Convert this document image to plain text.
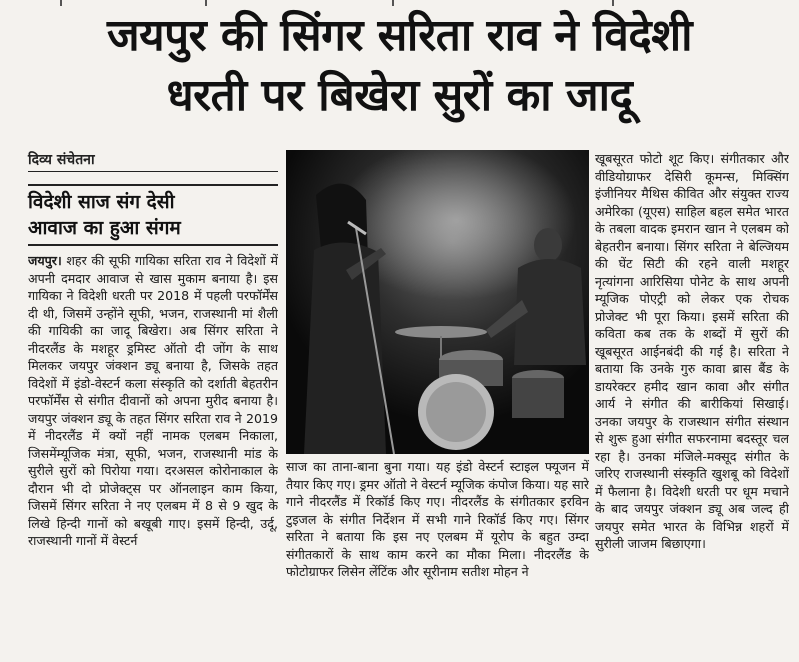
जयपुर की सिंगर सरिता राव ने विदेशी
धरती पर बिखेरा सुरों का जादू
दिव्य संचेतना
विदेशी साज संग देसी
आवाज का हुआ संगम

जयपुर। शहर की सूफी गायिका सरिता राव ने विदेशों में अपनी दमदार आवाज से खास मुकाम बनाया है। इस गायिका ने विदेशी धरती पर 2018 में पहली परफॉर्मेंस दी थी, जिसमें उन्होंने सूफी, भजन, राजस्थानी मांं शैली की गायिकी का जादू बिखेरा। अब सिंगर सरिता ने नीदरलैंड के मशहूर ड्रमिस्ट ऑतो दी जोंग के साथ मिलकर जयपुर जंक्शन ड्यू बनाया है, जिसके तहत विदेशों में इंडो-वेस्टर्न कला संस्कृति को दर्शाती बेहतरीन परफॉर्मेंस से संगीत दीवानों को अपना मुरीद बनाया है। जयपुर जंक्शन ड्यू के तहत सिंगर सरिता राव ने 2019 में नीदरलैंड में क्यों नहीं नामक एलबम निकाला, जिसमेंम्यूजिक मंत्रा, सूफी, भजन, राजस्थानी मांड के सुरीले सुरों को पिरोया गया। दरअसल कोरोनाकाल के दौरान भी दो प्रोजेक्ट्स पर ऑनलाइन काम किया, जिसमें सिंगर सरिता ने नए एलबम में 8 से 9 खुद के लिखे हिन्दी गानों को बखूबी गाए। इसमें हिन्दी, उर्दू, राजस्थानी गानों में वेस्टर्न

साज का ताना-बाना बुना गया। यह इंडो वेस्टर्न स्टाइल फ्यूजन में तैयार किए गए। ड्रमर ऑतो ने वेस्टर्न म्यूजिक कंपोज किया। यह सारे गाने नीदरलैंड में रिकॉर्ड किए गए। नीदरलैंड के संगीतकार इरविन टुइजल के संगीत निर्देशन में सभी गाने रिकॉर्ड किए गए। सिंगर सरिता ने बताया कि इस नए एलबम में यूरोप के बहुत उम्दा संगीतकारों के साथ काम करने का मौका मिला। नीदरलैंड के फोटोग्राफर लिसेन लेंटिंक और सूरीनाम सतीश मोहन ने

खूबसूरत फोटो शूट किए। संगीतकार और वीडियोग्राफर देसिरी कूमन्स, मिक्सिंग इंजीनियर मैथिस कीवित और संयुक्त राज्य अमेरिका (यूएस) साहिल बहल समेत भारत के तबला वादक इमरान खान ने एलबम को बेहतरीन बनाया। सिंगर सरिता ने बेल्जियम की घेंट सिटी की रहने वाली मशहूर नृत्यांगना आरिसिया पोनेट के साथ अपनी म्यूजिक पोएट्री को लेकर एक रोचक प्रोजेक्ट भी पूरा किया। इसमें सरिता की कविता कब तक के शब्दों में सुरों की खूबसूरत आईनबंदी की गई है। सरिता ने बताया कि उनके गुरु कावा ब्रास बैंड के डायरेक्टर हमीद खान कावा और संगीत आर्य ने संगीत की बारीकियां सिखाई। उनका जयपुर के राजस्थान संगीत संस्थान से शुरू हुआ संगीत सफरनामा बदस्तूर चल रहा है। उनका मंजिले-मक्सूद संगीत के जरिए राजस्थानी संस्कृति खुशबू को विदेशों में फैलाना है। विदेशी धरती पर धूम मचाने के बाद जयपुर जंक्शन ड्यू अब जल्द ही जयपुर समेत भारत के विभिन्न शहरों में सुरीली जाजम बिछाएगा।
